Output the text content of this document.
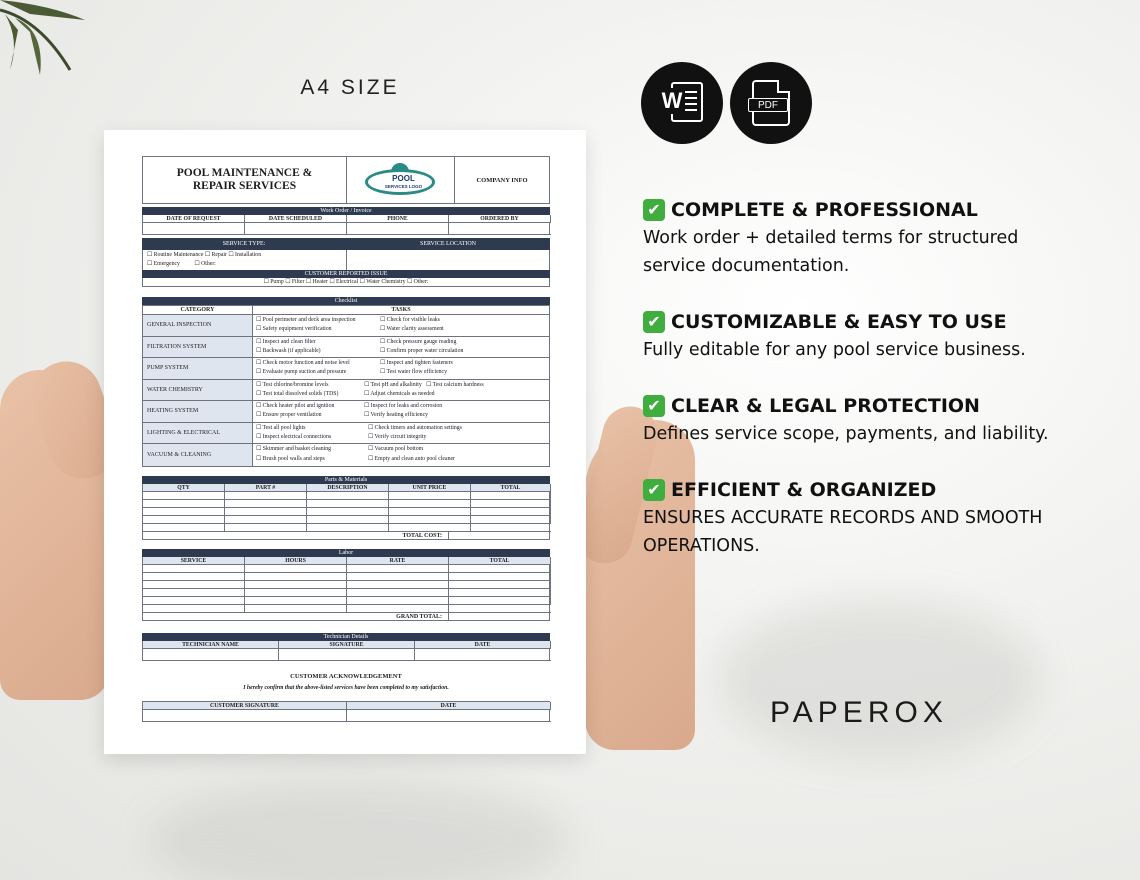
A4 SIZE
POOL MAINTENANCE &
REPAIR SERVICES
POOL
SERVICES LOGO
COMPANY INFO
Work Order / Invoice
DATE OF REQUEST	DATE SCHEDULED	PHONE	ORDERED BY
SERVICE TYPE:	SERVICE LOCATION
☐ Routine Maintenance ☐ Repair ☐ Installation
☐ Emergency          ☐ Other:
CUSTOMER REPORTED ISSUE
☐ Pump ☐ Filter ☐ Heater ☐ Electrical ☐ Water Chemistry ☐ Other:
Checklist
CATEGORY	TASKS
GENERAL INSPECTION
☐ Pool perimeter and deck area inspection	☐ Check for visible leaks
☐ Safety equipment verification	☐ Water clarity assessment
FILTRATION SYSTEM
☐ Inspect and clean filter	☐ Check pressure gauge reading
☐ Backwash (if applicable)	☐ Confirm proper water circulation
PUMP SYSTEM
☐ Check motor function and noise level	☐ Inspect and tighten fasteners
☐ Evaluate pump suction and pressure	☐ Test water flow efficiency
WATER CHEMISTRY
☐ Test chlorine/bromine levels	☐ Test pH and alkalinity   ☐ Test calcium hardness
☐ Test total dissolved solids (TDS)	☐ Adjust chemicals as needed
HEATING SYSTEM
☐ Check heater pilot and ignition	☐ Inspect for leaks and corrosion
☐ Ensure proper ventilation	☐ Verify heating efficiency
LIGHTING & ELECTRICAL
☐ Test all pool lights	☐ Check timers and automation settings
☐ Inspect electrical connections	☐ Verify circuit integrity
VACUUM & CLEANING
☐ Skimmer and basket cleaning	☐ Vacuum pool bottom
☐ Brush pool walls and steps	☐ Empty and clean auto pool cleaner
Parts & Materials
QTY	PART #	DESCRIPTION	UNIT PRICE	TOTAL
TOTAL COST:
Labor
SERVICE	HOURS	RATE	TOTAL
GRAND TOTAL:
Technician Details
TECHNICIAN NAME	SIGNATURE	DATE
CUSTOMER ACKNOWLEDGEMENT
I hereby confirm that the above-listed services have been completed to my satisfaction.
CUSTOMER SIGNATURE	DATE
W	PDF
✔ COMPLETE & PROFESSIONAL
Work order + detailed terms for structured service documentation.
✔ CUSTOMIZABLE & EASY TO USE
Fully editable for any pool service business.
✔ CLEAR & LEGAL PROTECTION
Defines service scope, payments, and liability.
✔ EFFICIENT & ORGANIZED
ENSURES ACCURATE RECORDS AND SMOOTH OPERATIONS.
PAPEROX
